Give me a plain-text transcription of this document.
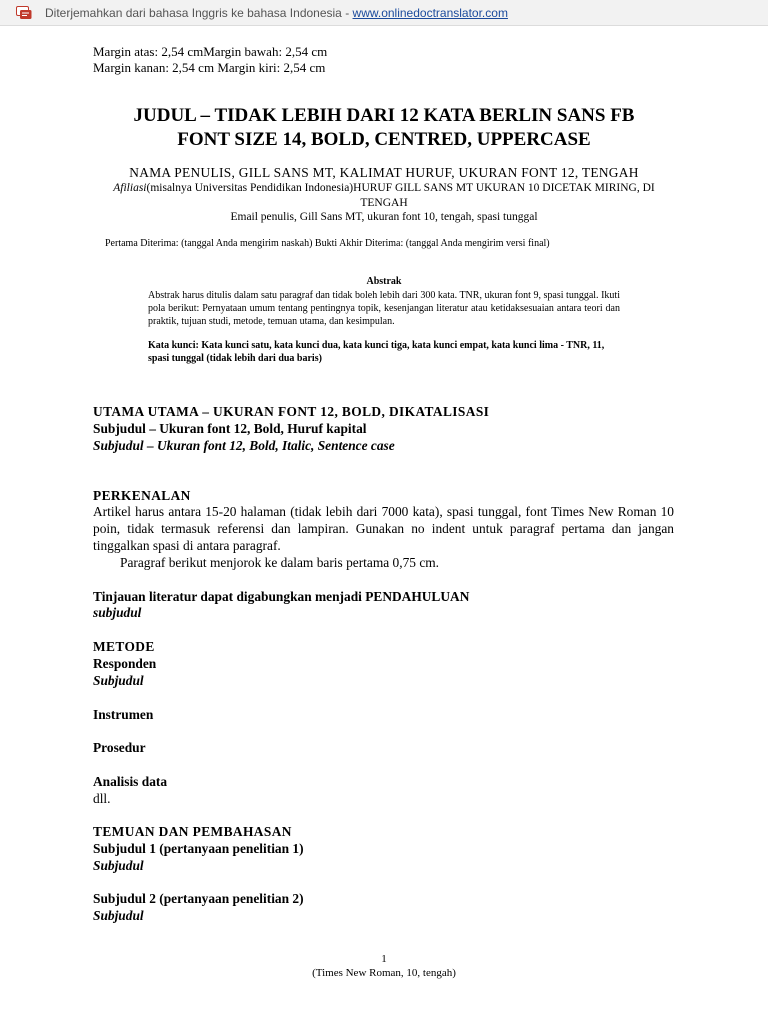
Diterjemahkan dari bahasa Inggris ke bahasa Indonesia - www.onlinedoctranslator.com
Margin atas: 2,54 cmMargin bawah: 2,54 cm
Margin kanan: 2,54 cm Margin kiri: 2,54 cm
JUDUL – TIDAK LEBIH DARI 12 KATA BERLIN SANS FB
FONT SIZE 14, BOLD, CENTRED, UPPERCASE
NAMA PENULIS, GILL SANS MT, KALIMAT HURUF, UKURAN FONT 12, TENGAH
Afiliasi(misalnya Universitas Pendidikan Indonesia)HURUF GILL SANS MT UKURAN 10 DICETAK MIRING, DI TENGAH
Email penulis, Gill Sans MT, ukuran font 10, tengah, spasi tunggal
Pertama Diterima: (tanggal Anda mengirim naskah) Bukti Akhir Diterima: (tanggal Anda mengirim versi final)
Abstrak
Abstrak harus ditulis dalam satu paragraf dan tidak boleh lebih dari 300 kata. TNR, ukuran font 9, spasi tunggal. Ikuti pola berikut: Pernyataan umum tentang pentingnya topik, kesenjangan literatur atau ketidaksesuaian antara teori dan praktik, tujuan studi, metode, temuan utama, dan kesimpulan.
Kata kunci: Kata kunci satu, kata kunci dua, kata kunci tiga, kata kunci empat, kata kunci lima - TNR, 11, spasi tunggal (tidak lebih dari dua baris)
UTAMA UTAMA – UKURAN FONT 12, BOLD, DIKATALISASI
Subjudul – Ukuran font 12, Bold, Huruf kapital
Subjudul – Ukuran font 12, Bold, Italic, Sentence case
PERKENALAN
Artikel harus antara 15-20 halaman (tidak lebih dari 7000 kata), spasi tunggal, font Times New Roman 10 poin, tidak termasuk referensi dan lampiran. Gunakan no indent untuk paragraf pertama dan jangan tinggalkan spasi di antara paragraf.
Paragraf berikut menjorok ke dalam baris pertama 0,75 cm.
Tinjauan literatur dapat digabungkan menjadi PENDAHULUAN
subjudul
METODE
Responden
Subjudul
Instrumen
Prosedur
Analisis data
dll.
TEMUAN DAN PEMBAHASAN
Subjudul 1 (pertanyaan penelitian 1)
Subjudul
Subjudul 2 (pertanyaan penelitian 2)
Subjudul
1
(Times New Roman, 10, tengah)
